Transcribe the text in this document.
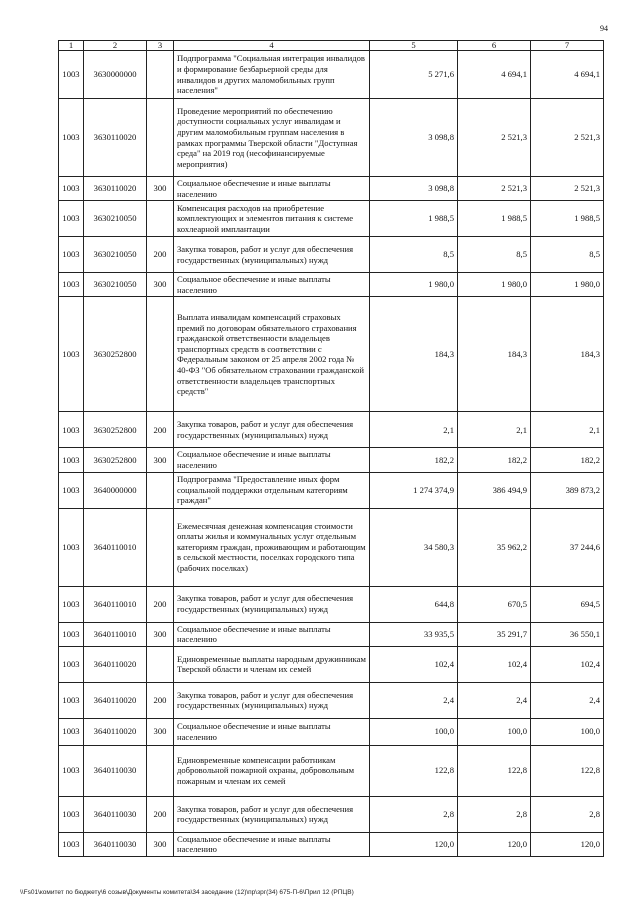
94
1	2	3	4	5	6	7
1003	3630000000		Подпрограмма "Социальная интеграция инвалидов и формирование безбарьерной среды для инвалидов и других маломобильных групп населения"	5 271,6	4 694,1	4 694,1
1003	3630110020		Проведение мероприятий по обеспечению доступности социальных услуг инвалидам и другим маломобильным группам населения в рамках программы Тверской области "Доступная среда" на 2019 год (несофинансируемые мероприятия)	3 098,8	2 521,3	2 521,3
1003	3630110020	300	Социальное обеспечение и иные выплаты населению	3 098,8	2 521,3	2 521,3
1003	3630210050		Компенсация расходов на приобретение комплектующих и элементов питания к системе кохлеарной имплантации	1 988,5	1 988,5	1 988,5
1003	3630210050	200	Закупка товаров, работ и услуг для обеспечения государственных (муниципальных) нужд	8,5	8,5	8,5
1003	3630210050	300	Социальное обеспечение и иные выплаты населению	1 980,0	1 980,0	1 980,0
1003	3630252800		Выплата инвалидам компенсаций страховых премий по договорам обязательного страхования гражданской ответственности владельцев транспортных средств в соответствии с Федеральным законом от 25 апреля 2002 года № 40-ФЗ "Об обязательном страховании гражданской ответственности владельцев транспортных средств"	184,3	184,3	184,3
1003	3630252800	200	Закупка товаров, работ и услуг для обеспечения государственных (муниципальных) нужд	2,1	2,1	2,1
1003	3630252800	300	Социальное обеспечение и иные выплаты населению	182,2	182,2	182,2
1003	3640000000		Подпрограмма "Предоставление иных форм социальной поддержки отдельным категориям граждан"	1 274 374,9	386 494,9	389 873,2
1003	3640110010		Ежемесячная денежная компенсация стоимости оплаты жилья и коммунальных услуг отдельным категориям граждан, проживающим и работающим в сельской местности, поселках городского типа (рабочих поселках)	34 580,3	35 962,2	37 244,6
1003	3640110010	200	Закупка товаров, работ и услуг для обеспечения государственных (муниципальных) нужд	644,8	670,5	694,5
1003	3640110010	300	Социальное обеспечение и иные выплаты населению	33 935,5	35 291,7	36 550,1
1003	3640110020		Единовременные выплаты народным дружинникам Тверской области и членам их семей	102,4	102,4	102,4
1003	3640110020	200	Закупка товаров, работ и услуг для обеспечения государственных (муниципальных) нужд	2,4	2,4	2,4
1003	3640110020	300	Социальное обеспечение и иные выплаты населению	100,0	100,0	100,0
1003	3640110030		Единовременные компенсации работникам добровольной пожарной охраны, добровольным пожарным и членам их семей	122,8	122,8	122,8
1003	3640110030	200	Закупка товаров, работ и услуг для обеспечения государственных (муниципальных) нужд	2,8	2,8	2,8
1003	3640110030	300	Социальное обеспечение и иные выплаты населению	120,0	120,0	120,0
\\Fs01\комитет по бюджету\6 созыв\Документы комитета\34 заседание (12)\пр\зрг(34) 675-П-6\Прил 12 (РПЦВ)
